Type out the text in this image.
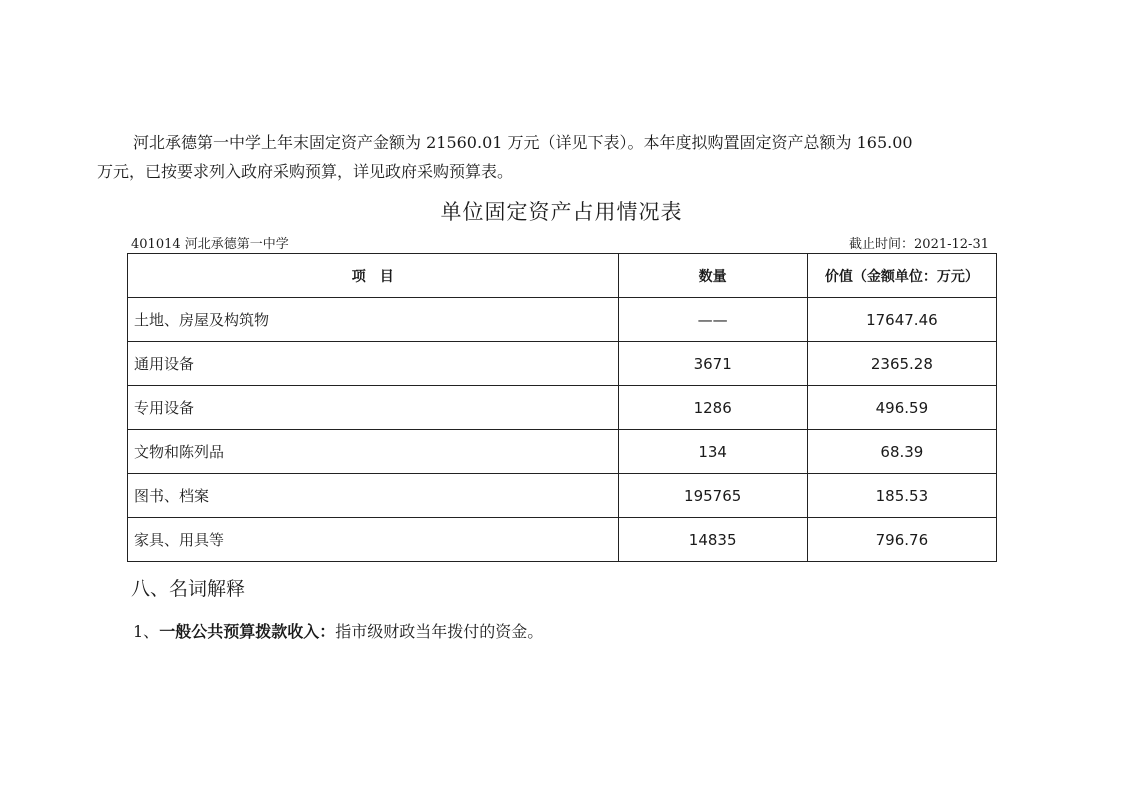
河北承德第一中学上年末固定资产金额为 21560.01 万元（详见下表）。本年度拟购置固定资产总额为 165.00

万元，已按要求列入政府采购预算，详见政府采购预算表。

单位固定资产占用情况表
401014 河北承德第一中学	截止时间：2021-12-31
项　目	数量	价值（金额单位：万元）
土地、房屋及构筑物	——	17647.46
通用设备	3671	2365.28
专用设备	1286	496.59
文物和陈列品	134	68.39
图书、档案	195765	185.53
家具、用具等	14835	796.76
八、名词解释
1、一般公共预算拨款收入：指市级财政当年拨付的资金。
